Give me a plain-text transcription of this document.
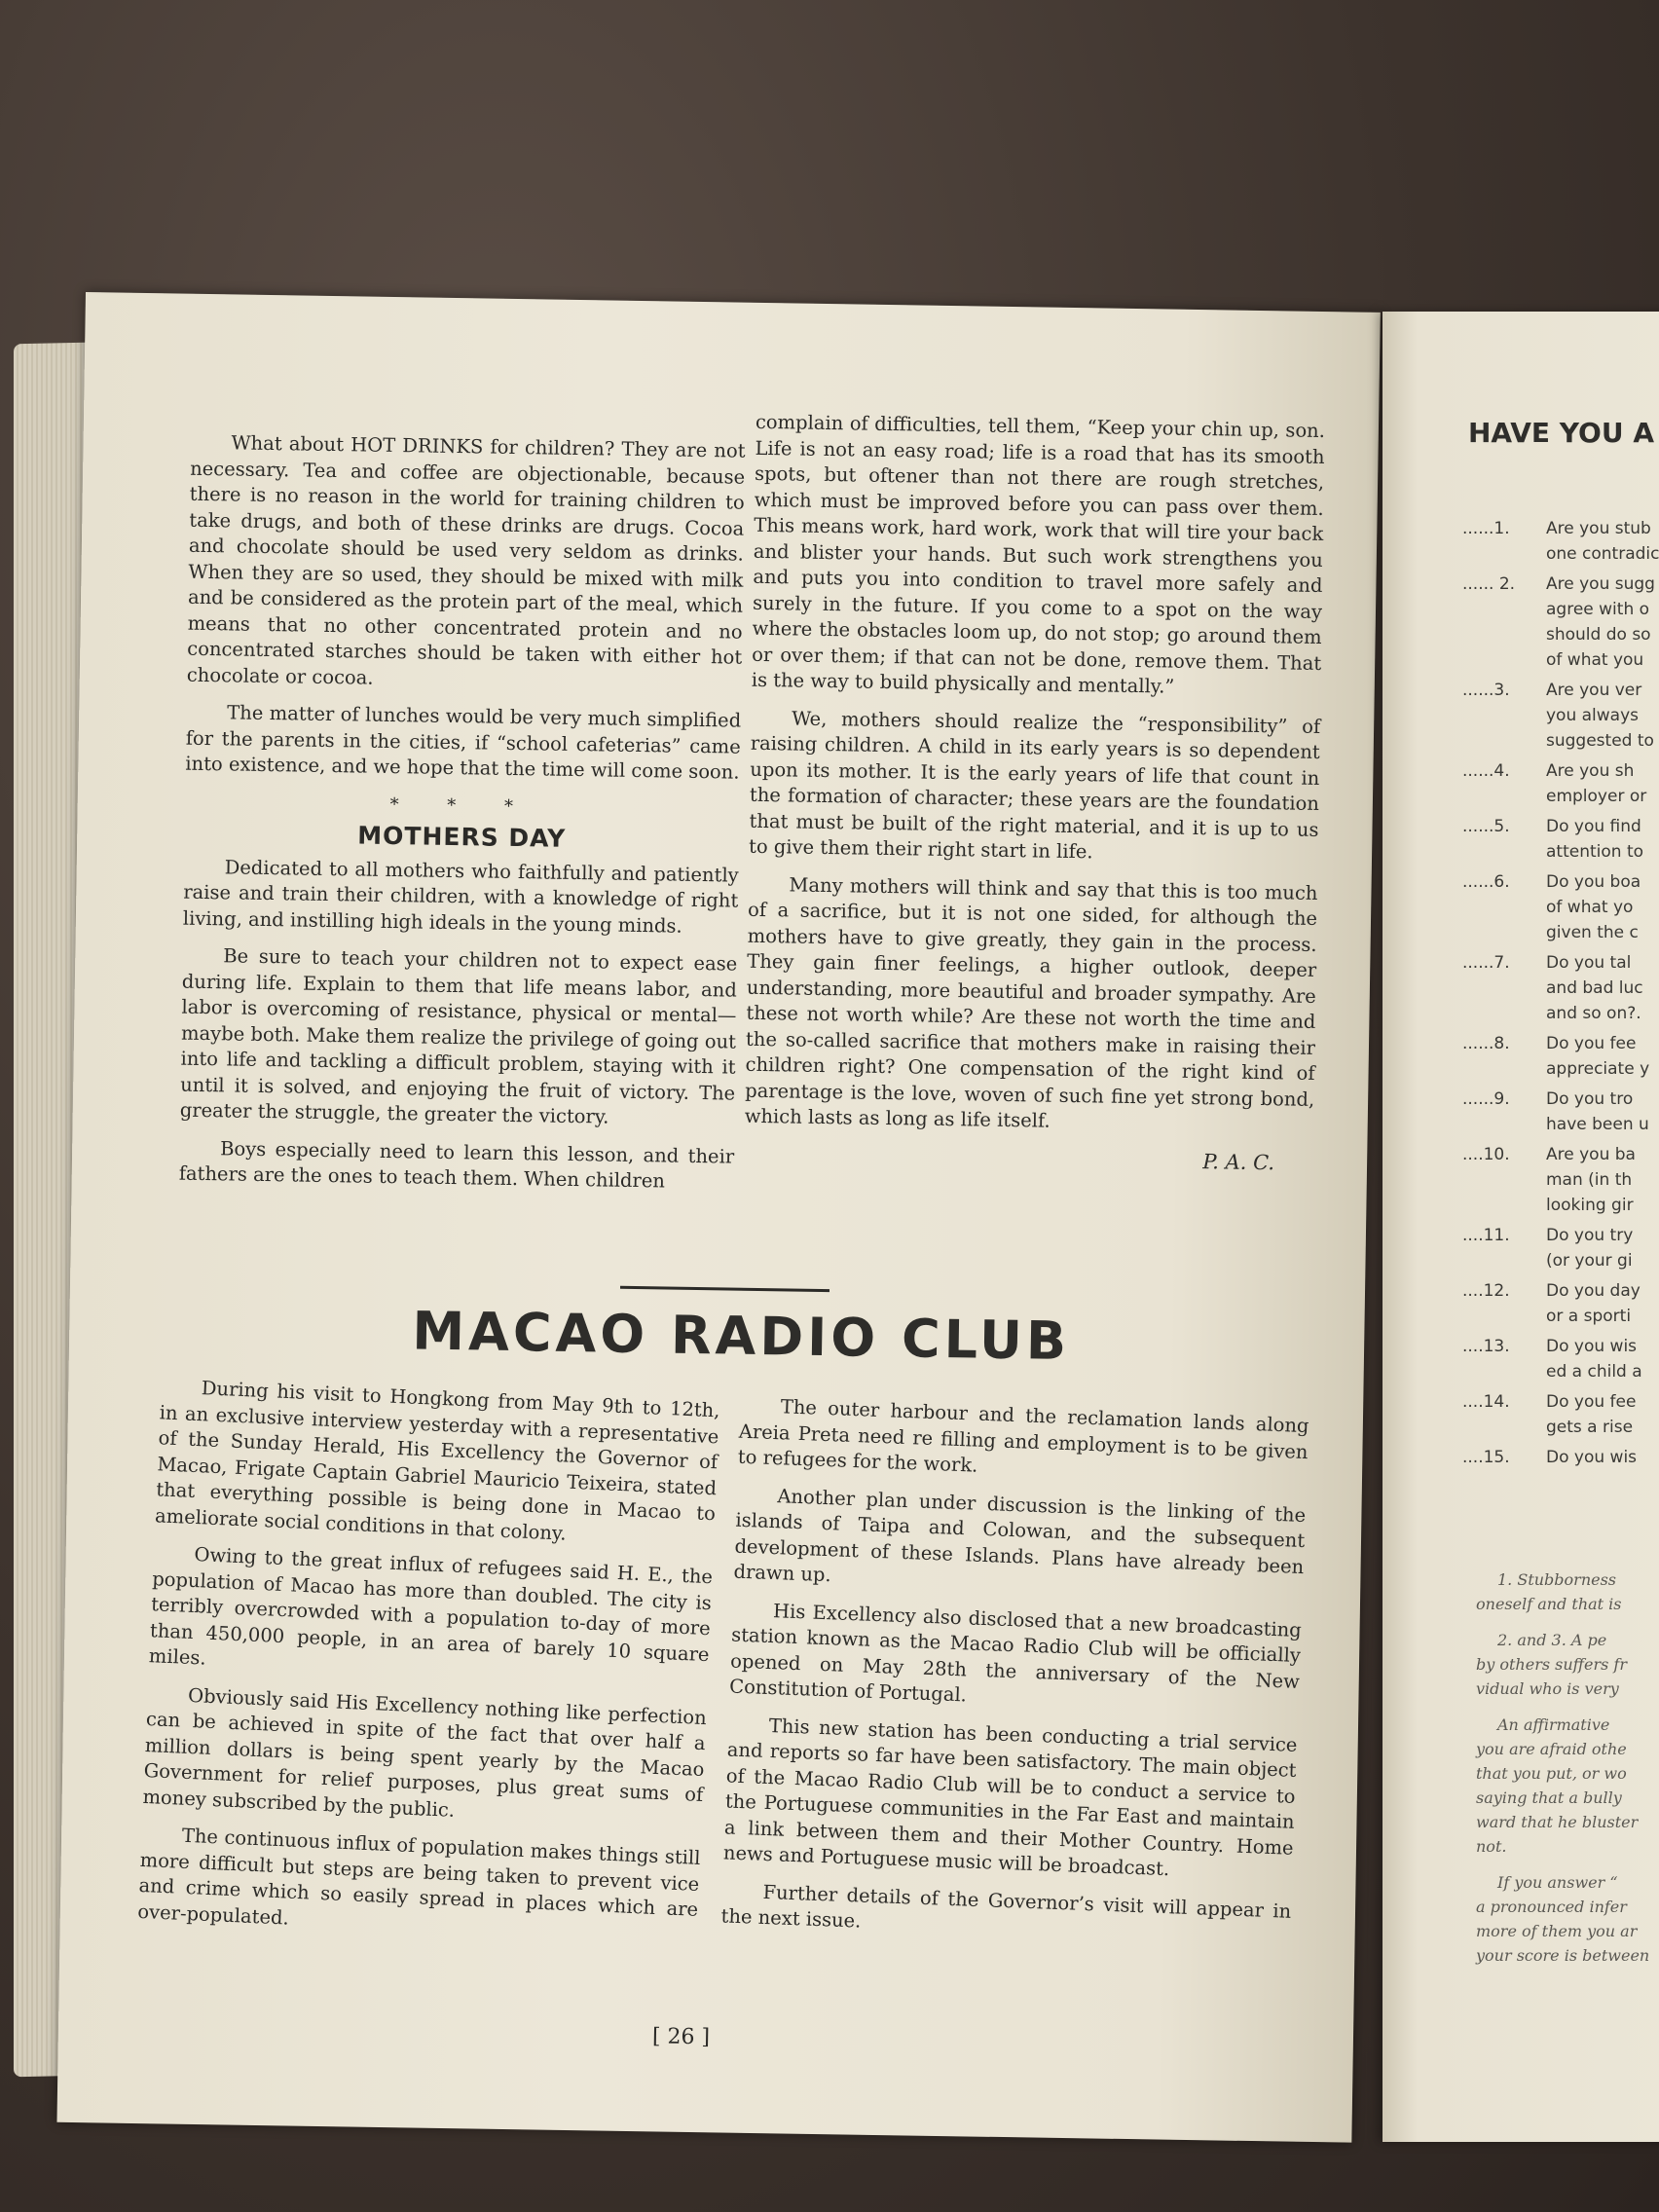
What about HOT DRINKS for children? They are not necessary. Tea and coffee are objectionable, because there is no reason in the world for training children to take drugs, and both of these drinks are drugs. Cocoa and chocolate should be used very seldom as drinks. When they are so used, they should be mixed with milk and be considered as the protein part of the meal, which means that no other concentrated protein and no concentrated starches should be taken with either hot chocolate or cocoa.

The matter of lunches would be very much simplified for the parents in the cities, if “school cafeterias” came into existence, and we hope that the time will come soon.

* * *
MOTHERS DAY

Dedicated to all mothers who faithfully and patiently raise and train their children, with a knowledge of right living, and instilling high ideals in the young minds.

Be sure to teach your children not to expect ease during life. Explain to them that life means labor, and labor is overcoming of resistance, physical or mental—maybe both. Make them realize the privilege of going out into life and tackling a difficult problem, staying with it until it is solved, and enjoying the fruit of victory. The greater the struggle, the greater the victory.

Boys especially need to learn this lesson, and their fathers are the ones to teach them. When children

complain of difficulties, tell them, “Keep your chin up, son. Life is not an easy road; life is a road that has its smooth spots, but oftener than not there are rough stretches, which must be improved before you can pass over them. This means work, hard work, work that will tire your back and blister your hands. But such work strengthens you and puts you into condition to travel more safely and surely in the future. If you come to a spot on the way where the obstacles loom up, do not stop; go around them or over them; if that can not be done, remove them. That is the way to build physically and mentally.”

We, mothers should realize the “responsibility” of raising children. A child in its early years is so dependent upon its mother. It is the early years of life that count in the formation of character; these years are the foundation that must be built of the right material, and it is up to us to give them their right start in life.

Many mothers will think and say that this is too much of a sacrifice, but it is not one sided, for although the mothers have to give greatly, they gain in the process. They gain finer feelings, a higher outlook, deeper understanding, more beautiful and broader sympathy. Are these not worth while? Are these not worth the time and the so-called sacrifice that mothers make in raising their children right? One compensation of the right kind of parentage is the love, woven of such fine yet strong bond, which lasts as long as life itself.

P. A. C.
MACAO RADIO CLUB

During his visit to Hongkong from May 9th to 12th, in an exclusive interview yesterday with a representative of the Sunday Herald, His Excellency the Governor of Macao, Frigate Captain Gabriel Mauricio Teixeira, stated that everything possible is being done in Macao to ameliorate social conditions in that colony.

Owing to the great influx of refugees said H. E., the population of Macao has more than doubled. The city is terribly overcrowded with a population to-day of more than 450,000 people, in an area of barely 10 square miles.

Obviously said His Excellency nothing like perfection can be achieved in spite of the fact that over half a million dollars is being spent yearly by the Macao Government for relief purposes, plus great sums of money subscribed by the public.

The continuous influx of population makes things still more difficult but steps are being taken to prevent vice and crime which so easily spread in places which are over-populated.

The outer harbour and the reclamation lands along Areia Preta need re filling and employment is to be given to refugees for the work.

Another plan under discussion is the linking of the islands of Taipa and Colowan, and the subsequent development of these Islands. Plans have already been drawn up.

His Excellency also disclosed that a new broadcasting station known as the Macao Radio Club will be officially opened on May 28th the anniversary of the New Constitution of Portugal.

This new station has been conducting a trial service and reports so far have been satisfactory. The main object of the Macao Radio Club will be to conduct a service to the Portuguese communities in the Far East and maintain a link between them and their Mother Country. Home news and Portuguese music will be broadcast.

Further details of the Governor’s visit will appear in the next issue.

[ 26 ]
HAVE YOU A
......1.	Are you stub
one contradic
...... 2.	Are you sugg
agree with o
should do so
of what you
......3.	Are you ver
you always
suggested to
......4.	Are you sh
employer or
......5.	Do you find
attention to
......6.	Do you boa
of what yo
given the c
......7.	Do you tal
and bad luc
and so on?.
......8.	Do you fee
appreciate y
......9.	Do you tro
have been u
....10.	Are you ba
man (in th
looking gir
....11.	Do you try
(or your gi
....12.	Do you day
or a sporti
....13.	Do you wis
ed a child a
....14.	Do you fee
gets a rise
....15.	Do you wis

1. Stubborness
oneself and that is

2. and 3. A pe
by others suffers fr
vidual who is very

An affirmative
you are afraid othe
that you put, or wo
saying that a bully
ward that he bluster
not.

If you answer “
a pronounced infer
more of them you ar
your score is between
